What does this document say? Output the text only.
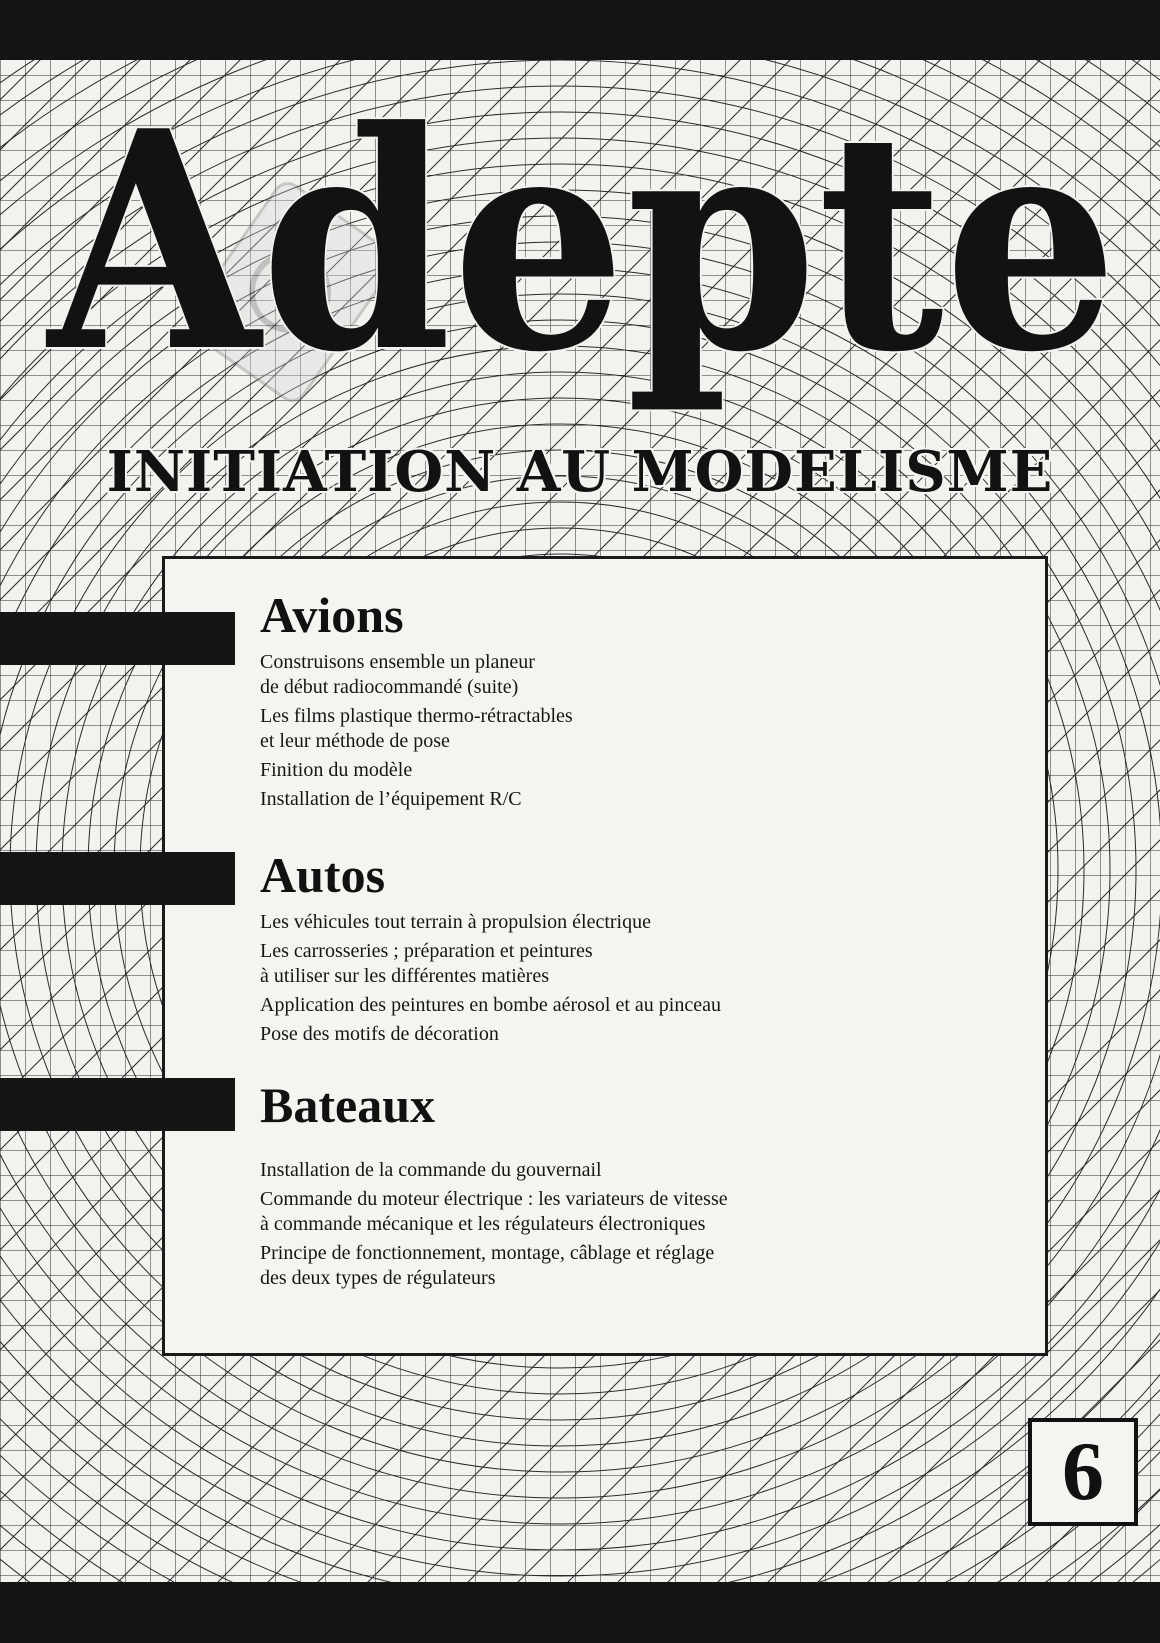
Adepte
INITIATION AU MODELISME
Avions
Construisons ensemble un planeur
de début radiocommandé (suite)
Les films plastique thermo-rétractables
et leur méthode de pose
Finition du modèle
Installation de l’équipement R/C
Autos
Les véhicules tout terrain à propulsion électrique
Les carrosseries ; préparation et peintures
à utiliser sur les différentes matières
Application des peintures en bombe aérosol et au pinceau
Pose des motifs de décoration
Bateaux
Installation de la commande du gouvernail
Commande du moteur électrique : les variateurs de vitesse
à commande mécanique et les régulateurs électroniques
Principe de fonctionnement, montage, câblage et réglage
des deux types de régulateurs
6
